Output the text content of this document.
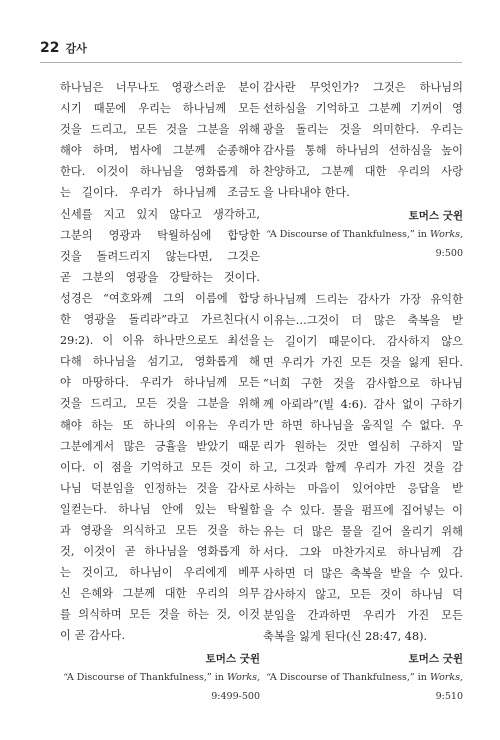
22 감사

하나님은 너무나도 영광스러운 분이
시기 때문에 우리는 하나님께 모든
것을 드리고, 모든 것을 그분을 위해
해야 하며, 범사에 그분께 순종해야
한다. 이것이 하나님을 영화롭게 하
는 길이다. 우리가 하나님께 조금도
신세를 지고 있지 않다고 생각하고,
그분의 영광과 탁월하심에 합당한
것을 돌려드리지 않는다면, 그것은
곧 그분의 영광을 강탈하는 것이다.
성경은 “여호와께 그의 이름에 합당
한 영광을 돌리라”라고 가르친다(시
29:2). 이 이유 하나만으로도 최선을
다해 하나님을 섬기고, 영화롭게 해
야 마땅하다. 우리가 하나님께 모든
것을 드리고, 모든 것을 그분을 위해
해야 하는 또 하나의 이유는 우리가
그분에게서 많은 긍휼을 받았기 때문
이다. 이 점을 기억하고 모든 것이 하
나님 덕분임을 인정하는 것을 감사로
일컫는다. 하나님 안에 있는 탁월함
과 영광을 의식하고 모든 것을 하는
것, 이것이 곧 하나님을 영화롭게 하
는 것이고, 하나님이 우리에게 베푸
신 은혜와 그분께 대한 우리의 의무
를 의식하며 모든 것을 하는 것, 이것
이 곧 감사다.

토머스 굿윈

“A Discourse of Thankfulness,” in Works,

9:499-500

감사란 무엇인가? 그것은 하나님의
선하심을 기억하고 그분께 기꺼이 영
광을 돌리는 것을 의미한다. 우리는
감사를 통해 하나님의 선하심을 높이
찬양하고, 그분께 대한 우리의 사랑
을 나타내야 한다.

토머스 굿윈

“A Discourse of Thankfulness,” in Works,

9:500

하나님께 드리는 감사가 가장 유익한
이유는…그것이 더 많은 축복을 받
는 길이기 때문이다. 감사하지 않으
면 우리가 가진 모든 것을 잃게 된다.
“너희 구한 것을 감사함으로 하나님
께 아뢰라”(빌 4:6). 감사 없이 구하기
만 하면 하나님을 움직일 수 없다. 우
리가 원하는 것만 열심히 구하지 말
고, 그것과 함께 우리가 가진 것을 감
사하는 마음이 있어야만 응답을 받
을 수 있다. 물을 펌프에 집어넣는 이
유는 더 많은 물을 길어 올리기 위해
서다. 그와 마찬가지로 하나님께 감
사하면 더 많은 축복을 받을 수 있다.
감사하지 않고, 모든 것이 하나님 덕
분임을 간과하면 우리가 가진 모든
축복을 잃게 된다(신 28:47, 48).

토머스 굿윈

“A Discourse of Thankfulness,” in Works,

9:510
